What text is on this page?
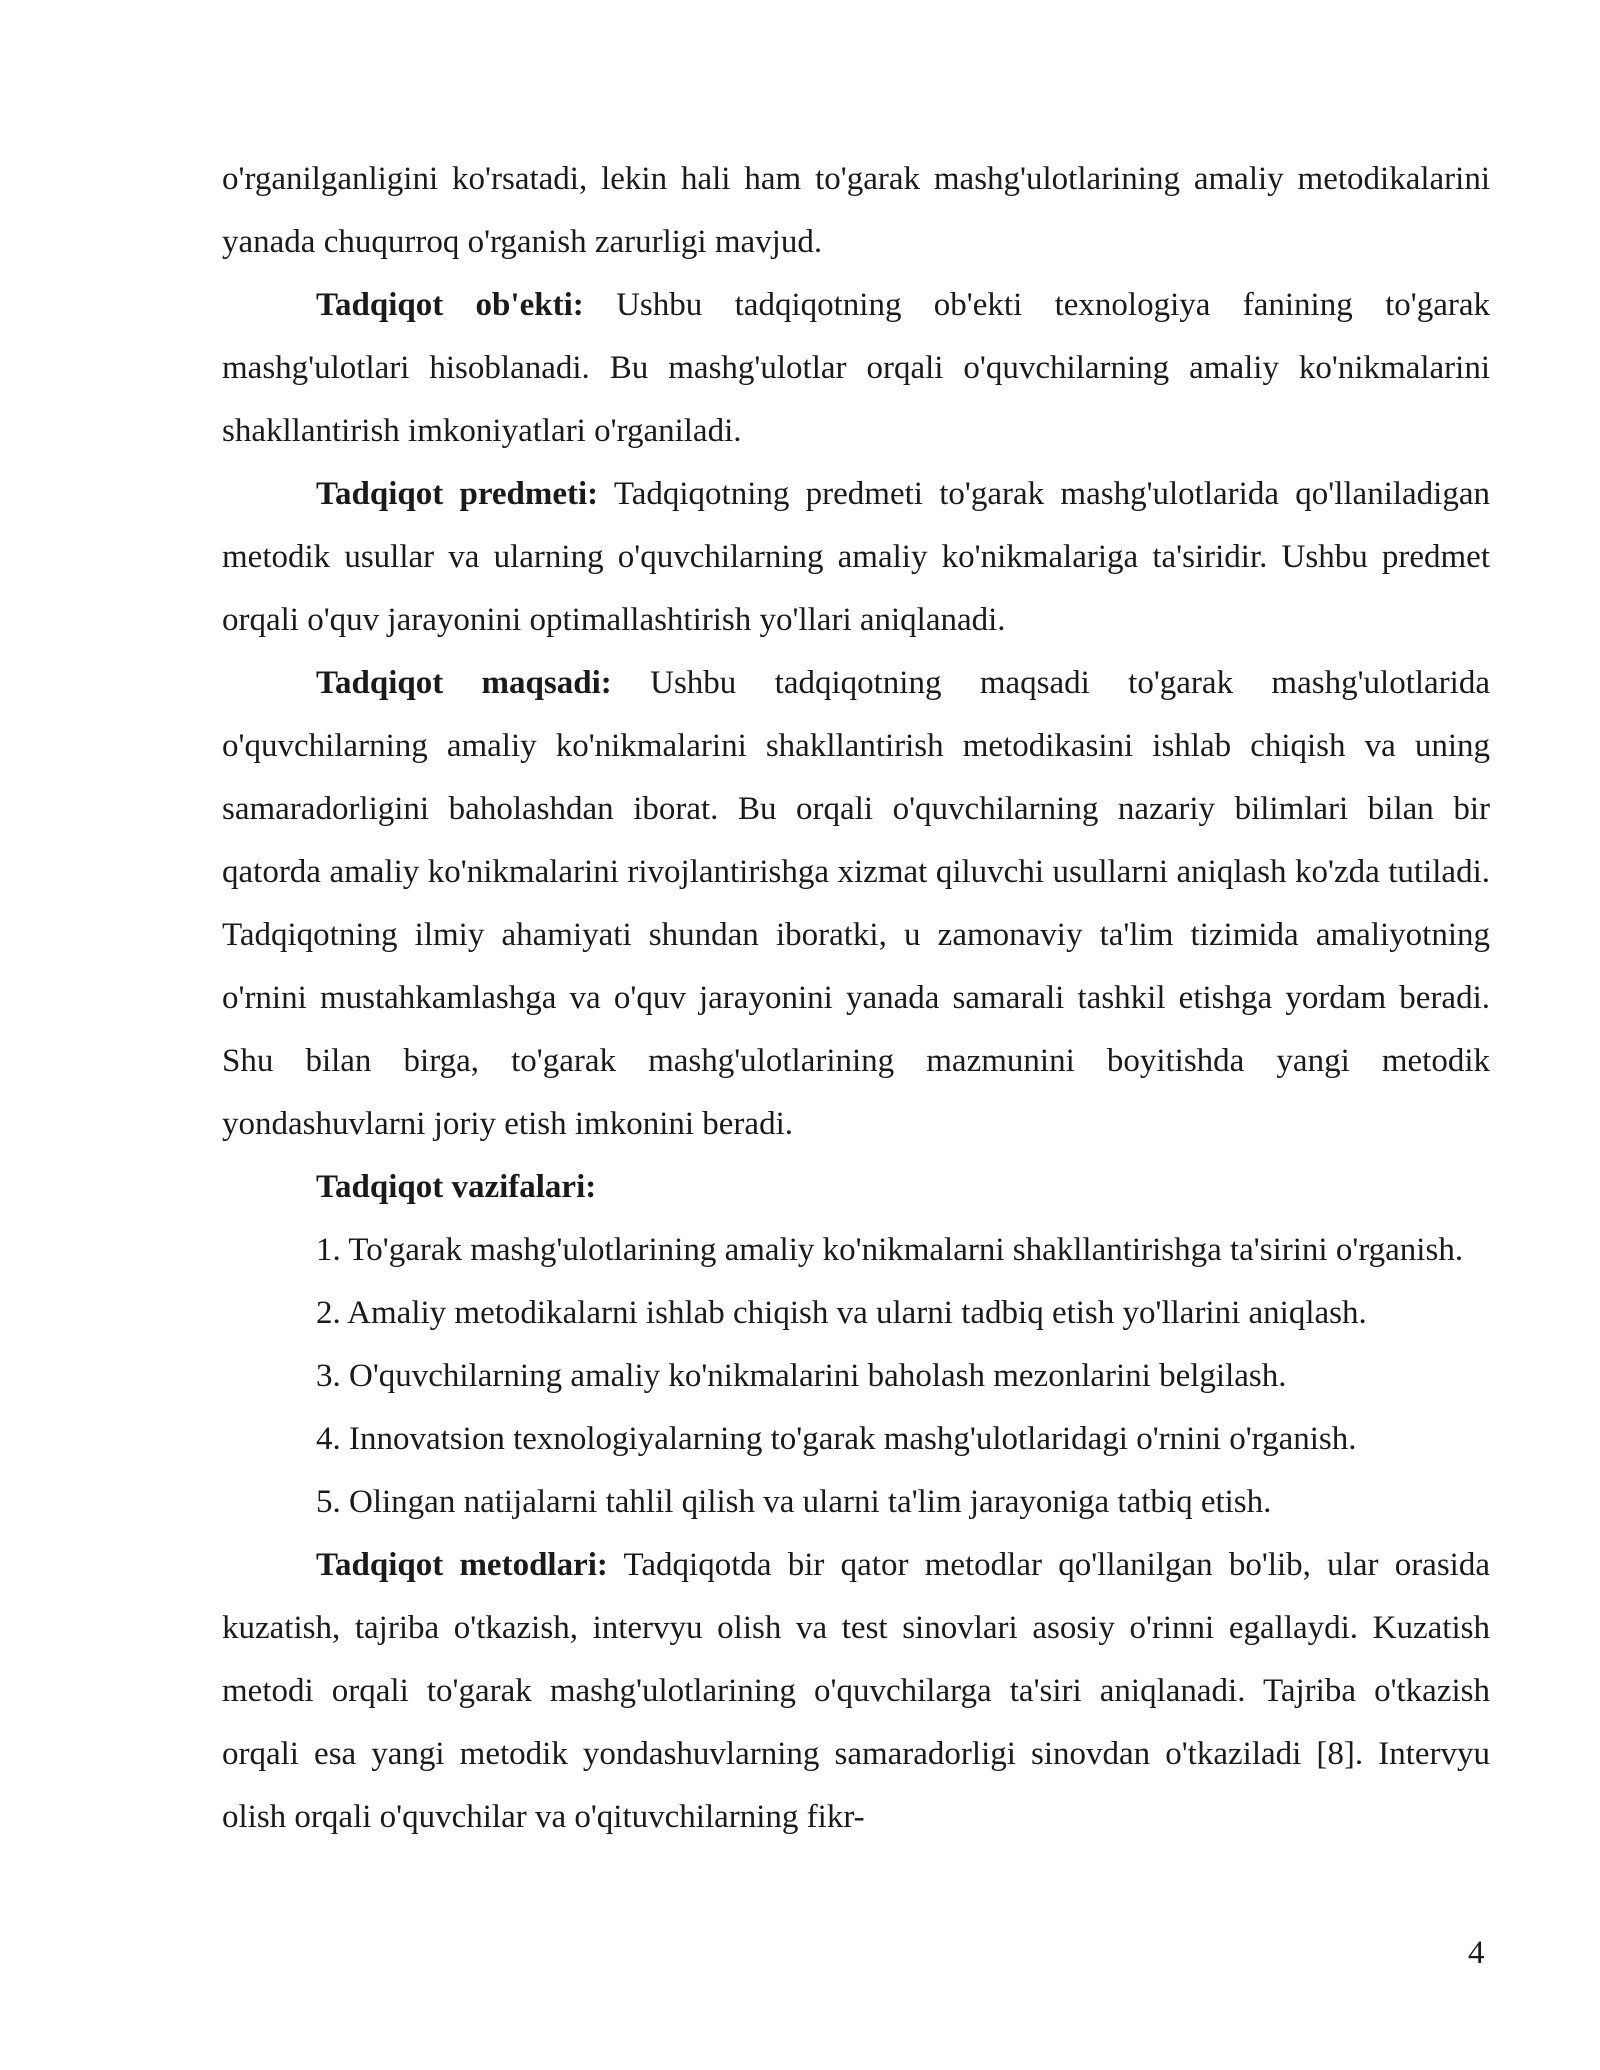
o'rganilganligini ko'rsatadi, lekin hali ham to'garak mashg'ulotlarining amaliy metodikalarini yanada chuqurroq o'rganish zarurligi mavjud.

Tadqiqot ob'ekti: Ushbu tadqiqotning ob'ekti texnologiya fanining to'garak mashg'ulotlari hisoblanadi. Bu mashg'ulotlar orqali o'quvchilarning amaliy ko'nikmalarini shakllantirish imkoniyatlari o'rganiladi.

Tadqiqot predmeti: Tadqiqotning predmeti to'garak mashg'ulotlarida qo'llaniladigan metodik usullar va ularning o'quvchilarning amaliy ko'nikmalariga ta'siridir. Ushbu predmet orqali o'quv jarayonini optimallashtirish yo'llari aniqlanadi.

Tadqiqot maqsadi: Ushbu tadqiqotning maqsadi to'garak mashg'ulotlarida o'quvchilarning amaliy ko'nikmalarini shakllantirish metodikasini ishlab chiqish va uning samaradorligini baholashdan iborat. Bu orqali o'quvchilarning nazariy bilimlari bilan bir qatorda amaliy ko'nikmalarini rivojlantirishga xizmat qiluvchi usullarni aniqlash ko'zda tutiladi. Tadqiqotning ilmiy ahamiyati shundan iboratki, u zamonaviy ta'lim tizimida amaliyotning o'rnini mustahkamlashga va o'quv jarayonini yanada samarali tashkil etishga yordam beradi. Shu bilan birga, to'garak mashg'ulotlarining mazmunini boyitishda yangi metodik yondashuvlarni joriy etish imkonini beradi.

Tadqiqot vazifalari:

1. To'garak mashg'ulotlarining amaliy ko'nikmalarni shakllantirishga ta'sirini o'rganish.

2. Amaliy metodikalarni ishlab chiqish va ularni tadbiq etish yo'llarini aniqlash.

3. O'quvchilarning amaliy ko'nikmalarini baholash mezonlarini belgilash.

4. Innovatsion texnologiyalarning to'garak mashg'ulotlaridagi o'rnini o'rganish.

5. Olingan natijalarni tahlil qilish va ularni ta'lim jarayoniga tatbiq etish.

Tadqiqot metodlari: Tadqiqotda bir qator metodlar qo'llanilgan bo'lib, ular orasida kuzatish, tajriba o'tkazish, intervyu olish va test sinovlari asosiy o'rinni egallaydi. Kuzatish metodi orqali to'garak mashg'ulotlarining o'quvchilarga ta'siri aniqlanadi. Tajriba o'tkazish orqali esa yangi metodik yondashuvlarning samaradorligi sinovdan o'tkaziladi [8]. Intervyu olish orqali o'quvchilar va o'qituvchilarning fikr-

4
